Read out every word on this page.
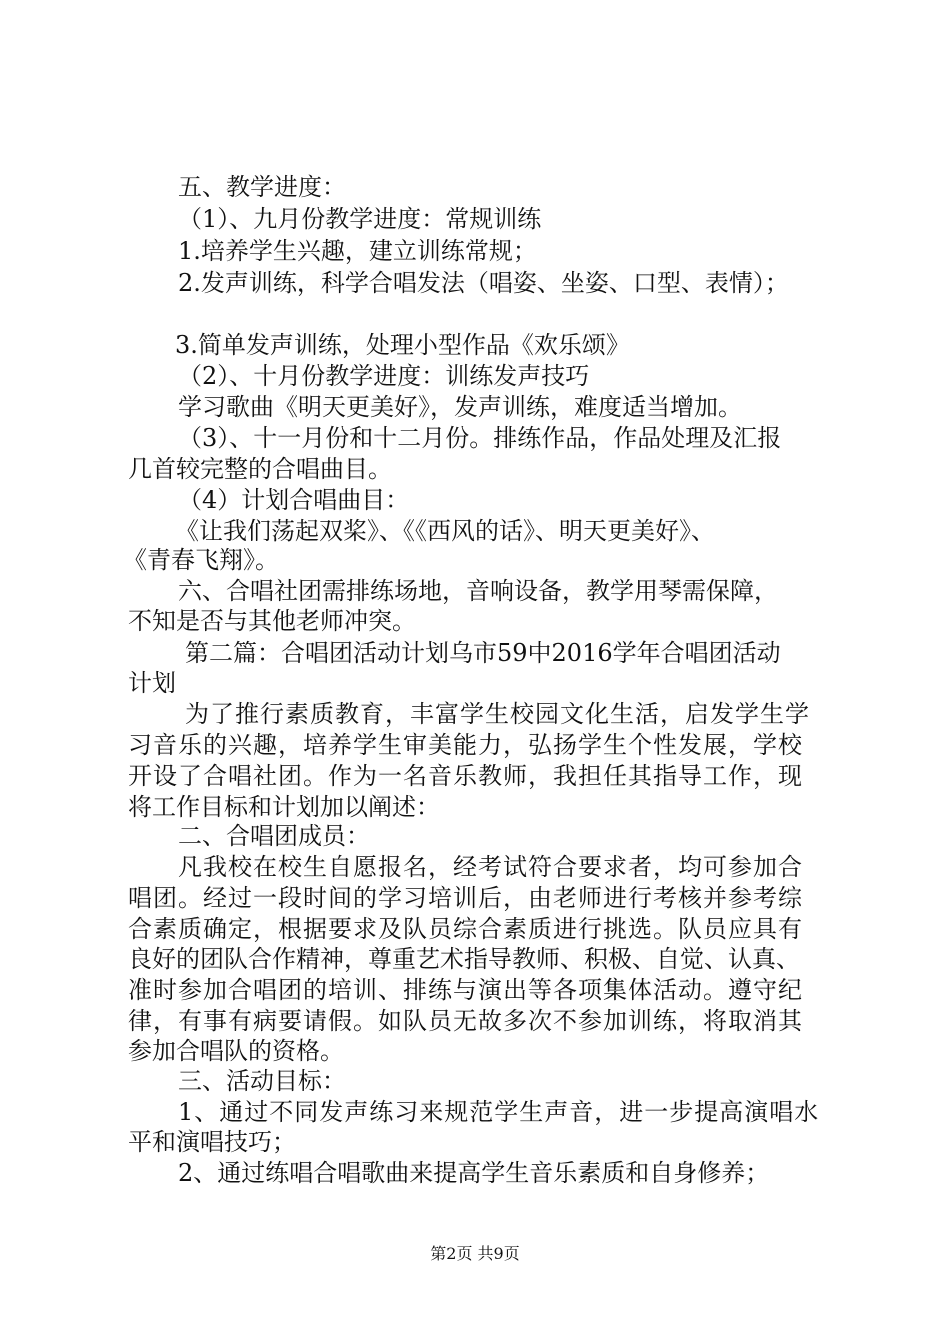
五、教学进度：

（1）、九月份教学进度：常规训练

1.培养学生兴趣，建立训练常规；

2.发声训练，科学合唱发法（唱姿、坐姿、口型、表情）；

3.简单发声训练，处理小型作品《欢乐颂》

（2）、十月份教学进度：训练发声技巧

学习歌曲《明天更美好》，发声训练，难度适当增加。

（3）、十一月份和十二月份。排练作品，作品处理及汇报

几首较完整的合唱曲目。

（4）计划合唱曲目：

《让我们荡起双桨》、《《西风的话》、明天更美好》、

《青春飞翔》。

六、合唱社团需排练场地，音响设备，教学用琴需保障，

不知是否与其他老师冲突。

第二篇：合唱团活动计划乌市59中2016学年合唱团活动

计划

为了推行素质教育，丰富学生校园文化生活，启发学生学

习音乐的兴趣，培养学生审美能力，弘扬学生个性发展，学校

开设了合唱社团。作为一名音乐教师，我担任其指导工作，现

将工作目标和计划加以阐述：

二、合唱团成员：

凡我校在校生自愿报名，经考试符合要求者，均可参加合

唱团。经过一段时间的学习培训后，由老师进行考核并参考综

合素质确定，根据要求及队员综合素质进行挑选。队员应具有

良好的团队合作精神，尊重艺术指导教师、积极、自觉、认真、

准时参加合唱团的培训、排练与演出等各项集体活动。遵守纪

律，有事有病要请假。如队员无故多次不参加训练，将取消其

参加合唱队的资格。

三、活动目标：

1、通过不同发声练习来规范学生声音，进一步提高演唱水

平和演唱技巧；

2、通过练唱合唱歌曲来提高学生音乐素质和自身修养；

第2页 共9页
